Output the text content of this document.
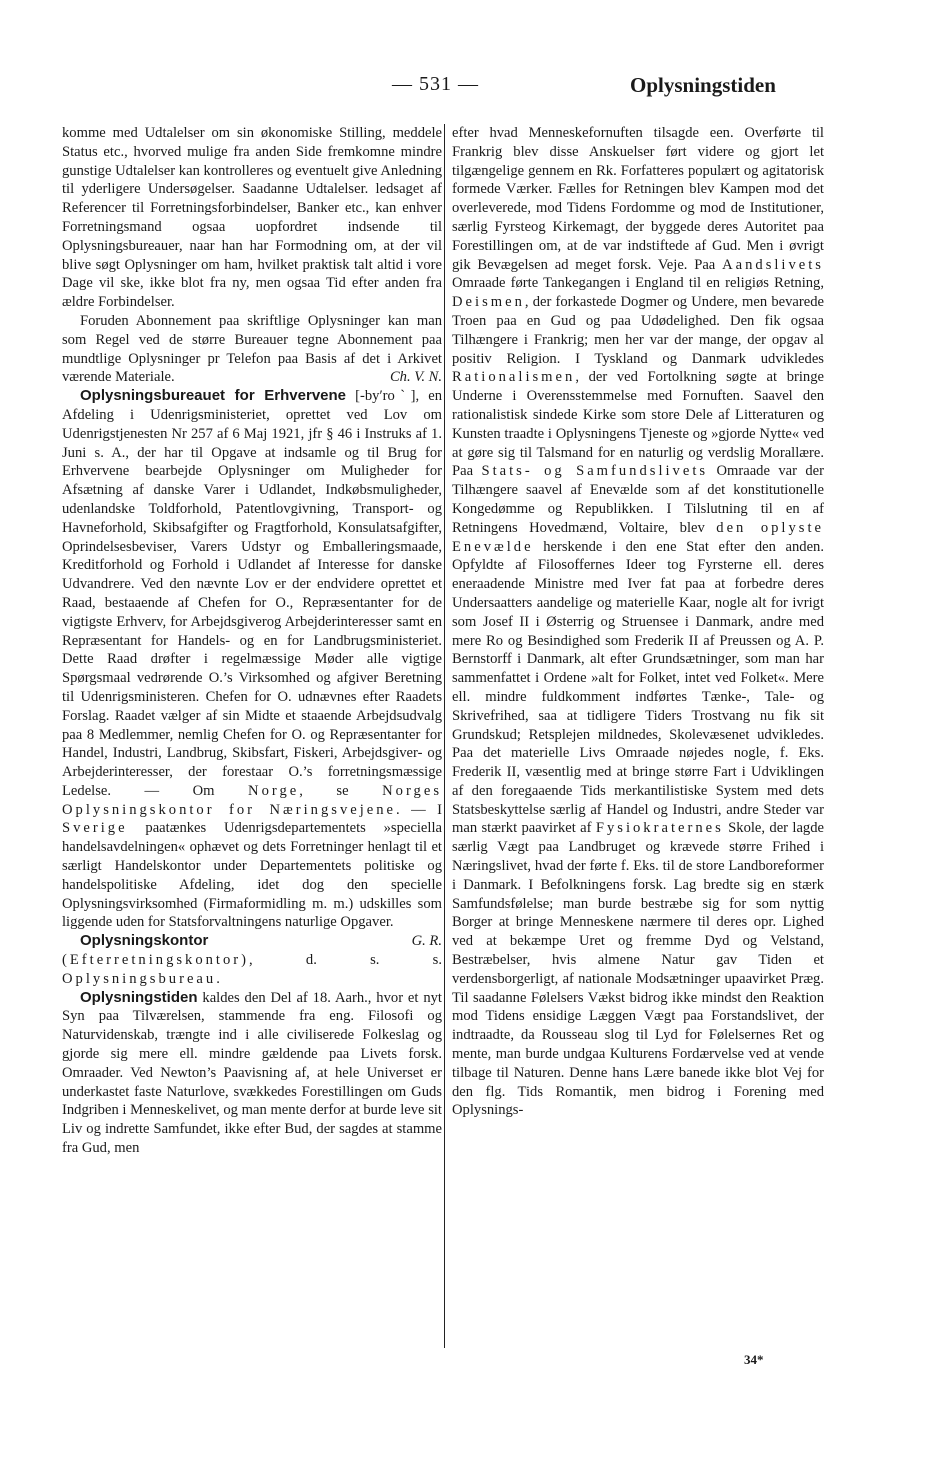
— 531 —	Oplysningstiden

komme med Udtalelser om sin økonomiske Stilling, meddele Status etc., hvorved mulige fra anden Side fremkomne mindre gunstige Udtalelser kan kontrolleres og eventuelt give Anledning til yderligere Undersøgelser. Saadanne Udtalelser. ledsaget af Referencer til Forretningsforbindelser, Banker etc., kan enhver Forretningsmand ogsaa uopfordret indsende til Oplysningsbureauer, naar han har Formodning om, at der vil blive søgt Oplysninger om ham, hvilket praktisk talt altid i vore Dage vil ske, ikke blot fra ny, men ogsaa Tid efter anden fra ældre Forbindelser.

Foruden Abonnement paa skriftlige Oplysninger kan man som Regel ved de større Bureauer tegne Abonnement paa mundtlige Oplysninger pr Telefon paa Basis af det i Arkivet værende Materiale.	Ch. V. N.

Oplysningsbureauet for Erhvervene [-byʹroˋ], en Afdeling i Udenrigsministeriet, oprettet ved Lov om Udenrigstjenesten Nr 257 af 6 Maj 1921, jfr § 46 i Instruks af 1. Juni s. A., der har til Opgave at indsamle og til Brug for Erhvervene bearbejde Oplysninger om Muligheder for Afsætning af danske Varer i Udlandet, Indkøbsmuligheder, udenlandske Toldforhold, Patentlovgivning, Transport- og Havneforhold, Skibsafgifter og Fragtforhold, Konsulatsafgifter, Oprindelsesbeviser, Varers Udstyr og Emballeringsmaade, Kreditforhold og Forhold i Udlandet af Interesse for danske Udvandrere. Ved den nævnte Lov er der endvidere oprettet et Raad, bestaaende af Chefen for O., Repræsentanter for de vigtigste Erhverv, for Arbejdsgiverog Arbejderinteresser samt en Repræsentant for Handels- og en for Landbrugsministeriet. Dette Raad drøfter i regelmæssige Møder alle vigtige Spørgsmaal vedrørende O.’s Virksomhed og afgiver Beretning til Udenrigsministeren. Chefen for O. udnævnes efter Raadets Forslag. Raadet vælger af sin Midte et staaende Arbejdsudvalg paa 8 Medlemmer, nemlig Chefen for O. og Repræsentanter for Handel, Industri, Landbrug, Skibsfart, Fiskeri, Arbejdsgiver- og Arbejderinteresser, der forestaar O.’s forretningsmæssige Ledelse. — Om Norge, se Norges Oplysningskontor for Næringsvejene. — I Sverige paatænkes Udenrigsdepartementets »speciella handelsavdelningen« ophævet og dets Forretninger henlagt til et særligt Handelskontor under Departementets politiske og handelspolitiske Afdeling, idet dog den specielle Oplysningsvirksomhed (Firmaformidling m. m.) udskilles som liggende uden for Statsforvaltningens naturlige Opgaver.
G. R.

Oplysningskontor (Efterretningskontor), d. s. s. Oplysningsbureau.

Oplysningstiden kaldes den Del af 18. Aarh., hvor et nyt Syn paa Tilværelsen, stammende fra eng. Filosofi og Naturvidenskab, trængte ind i alle civiliserede Folkeslag og gjorde sig mere ell. mindre gældende paa Livets forsk. Omraader. Ved Newton’s Paavisning af, at hele Universet er underkastet faste Naturlove, svækkedes Forestillingen om Guds Indgriben i Menneskelivet, og man mente derfor at burde leve sit Liv og indrette Samfundet, ikke efter Bud, der sagdes at stamme fra Gud, men

efter hvad Menneskefornuften tilsagde een. Overførte til Frankrig blev disse Anskuelser ført videre og gjort let tilgængelige gennem en Rk. Forfatteres populært og agitatorisk formede Værker. Fælles for Retningen blev Kampen mod det overleverede, mod Tidens Fordomme og mod de Institutioner, særlig Fyrsteog Kirkemagt, der byggede deres Autoritet paa Forestillingen om, at de var indstiftede af Gud. Men i øvrigt gik Bevægelsen ad meget forsk. Veje. Paa Aandslivets Omraade førte Tankegangen i England til en religiøs Retning, Deismen, der forkastede Dogmer og Undere, men bevarede Troen paa en Gud og paa Udødelighed. Den fik ogsaa Tilhængere i Frankrig; men her var der mange, der opgav al positiv Religion. I Tyskland og Danmark udvikledes Rationalismen, der ved Fortolkning søgte at bringe Underne i Overensstemmelse med Fornuften. Saavel den rationalistisk sindede Kirke som store Dele af Litteraturen og Kunsten traadte i Oplysningens Tjeneste og »gjorde Nytte« ved at gøre sig til Talsmand for en naturlig og verdslig Morallære. Paa Stats- og Samfundslivets Omraade var der Tilhængere saavel af Enevælde som af det konstitutionelle Kongedømme og Republikken. I Tilslutning til en af Retningens Hovedmænd, Voltaire, blev den oplyste Enevælde herskende i den ene Stat efter den anden. Opfyldte af Filosoffernes Ideer tog Fyrsterne ell. deres eneraadende Ministre med Iver fat paa at forbedre deres Undersaatters aandelige og materielle Kaar, nogle alt for ivrigt som Josef II i Østerrig og Struensee i Danmark, andre med mere Ro og Besindighed som Frederik II af Preussen og A. P. Bernstorff i Danmark, alt efter Grundsætninger, som man har sammenfattet i Ordene »alt for Folket, intet ved Folket«. Mere ell. mindre fuldkomment indførtes Tænke-, Tale- og Skrivefrihed, saa at tidligere Tiders Trostvang nu fik sit Grundskud; Retsplejen mildnedes, Skolevæsenet udvikledes. Paa det materielle Livs Omraade nøjedes nogle, f. Eks. Frederik II, væsentlig med at bringe større Fart i Udviklingen af den foregaaende Tids merkantilistiske System med dets Statsbeskyttelse særlig af Handel og Industri, andre Steder var man stærkt paavirket af Fysiokraternes Skole, der lagde særlig Vægt paa Landbruget og krævede større Frihed i Næringslivet, hvad der førte f. Eks. til de store Landboreformer i Danmark. I Befolkningens forsk. Lag bredte sig en stærk Samfundsfølelse; man burde bestræbe sig for som nyttig Borger at bringe Menneskene nærmere til deres opr. Lighed ved at bekæmpe Uret og fremme Dyd og Velstand, Bestræbelser, hvis almene Natur gav Tiden et verdensborgerligt, af nationale Modsætninger upaavirket Præg. Til saadanne Følelsers Vækst bidrog ikke mindst den Reaktion mod Tidens ensidige Læggen Vægt paa Forstandslivet, der indtraadte, da Rousseau slog til Lyd for Følelsernes Ret og mente, man burde undgaa Kulturens Fordærvelse ved at vende tilbage til Naturen. Denne hans Lære banede ikke blot Vej for den flg. Tids Romantik, men bidrog i Forening med Oplysnings-

34*
